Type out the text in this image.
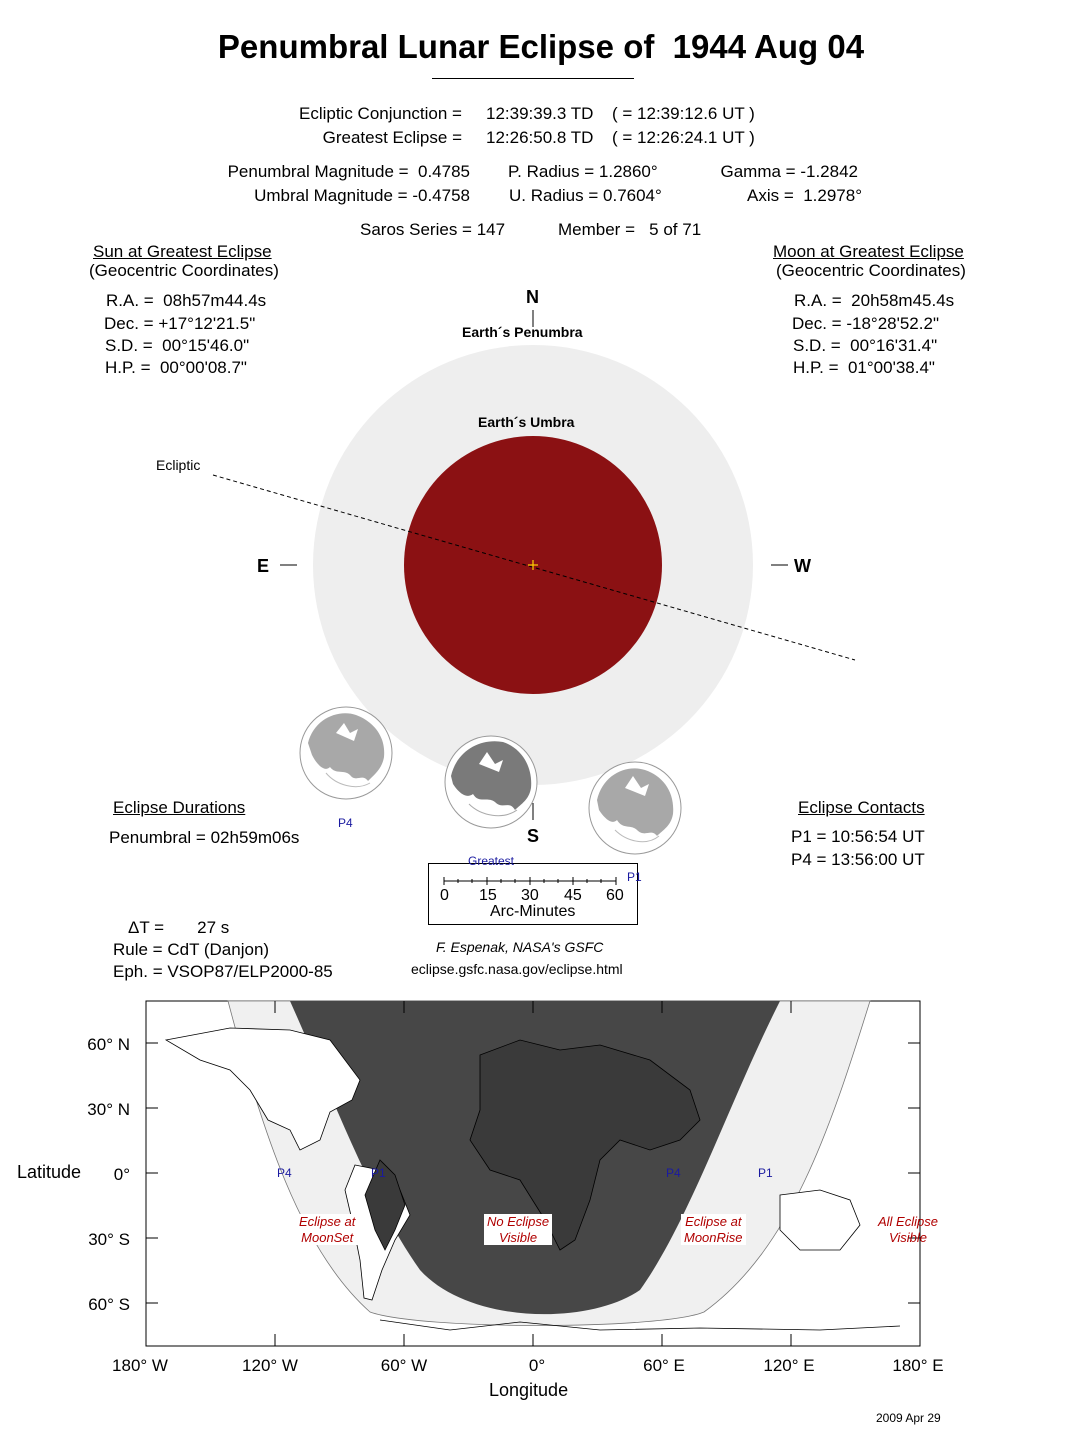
Penumbral Lunar Eclipse of  1944 Aug 04
Ecliptic Conjunction = 12:39:39.3 TD ( = 12:39:12.6 UT )
Greatest Eclipse = 12:26:50.8 TD ( = 12:26:24.1 UT )
Penumbral Magnitude =  0.4785
Umbral Magnitude = -0.4758
P. Radius = 1.2860°
U. Radius = 0.7604°
Gamma = -1.2842
Axis =  1.2978°
Saros Series = 147	Member =   5 of 71
Sun at Greatest Eclipse
(Geocentric Coordinates)
R.A. =  08h57m44.4s
Dec. = +17°12'21.5"
S.D. =  00°15'46.0"
H.P. =  00°00'08.7"
Moon at Greatest Eclipse
(Geocentric Coordinates)
R.A. =  20h58m45.4s
Dec. = -18°28'52.2"
S.D. =  00°16'31.4"
H.P. =  01°00'38.4"
N
Earth´s Penumbra
Earth´s Umbra
Ecliptic
E	W
S
P4
Eclipse Durations
Penumbral = 02h59m06s
Eclipse Contacts
P1 = 10:56:54 UT
P4 = 13:56:00 UT
Greatest
P1
0 15 30 45 60
Arc-Minutes
ΔT =       27 s
Rule = CdT (Danjon)
Eph. = VSOP87/ELP2000-85
F. Espenak, NASA's GSFC
eclipse.gsfc.nasa.gov/eclipse.html
60° N
30° N
0°
30° S
60° S
Latitude
180° W	120° W	60° W	0°	60° E	120° E	180° E
Longitude
P4	P1	P4	P1
Eclipse at
MoonSet
No Eclipse
Visible
Eclipse at
MoonRise
All Eclipse
Visible
2009 Apr 29
